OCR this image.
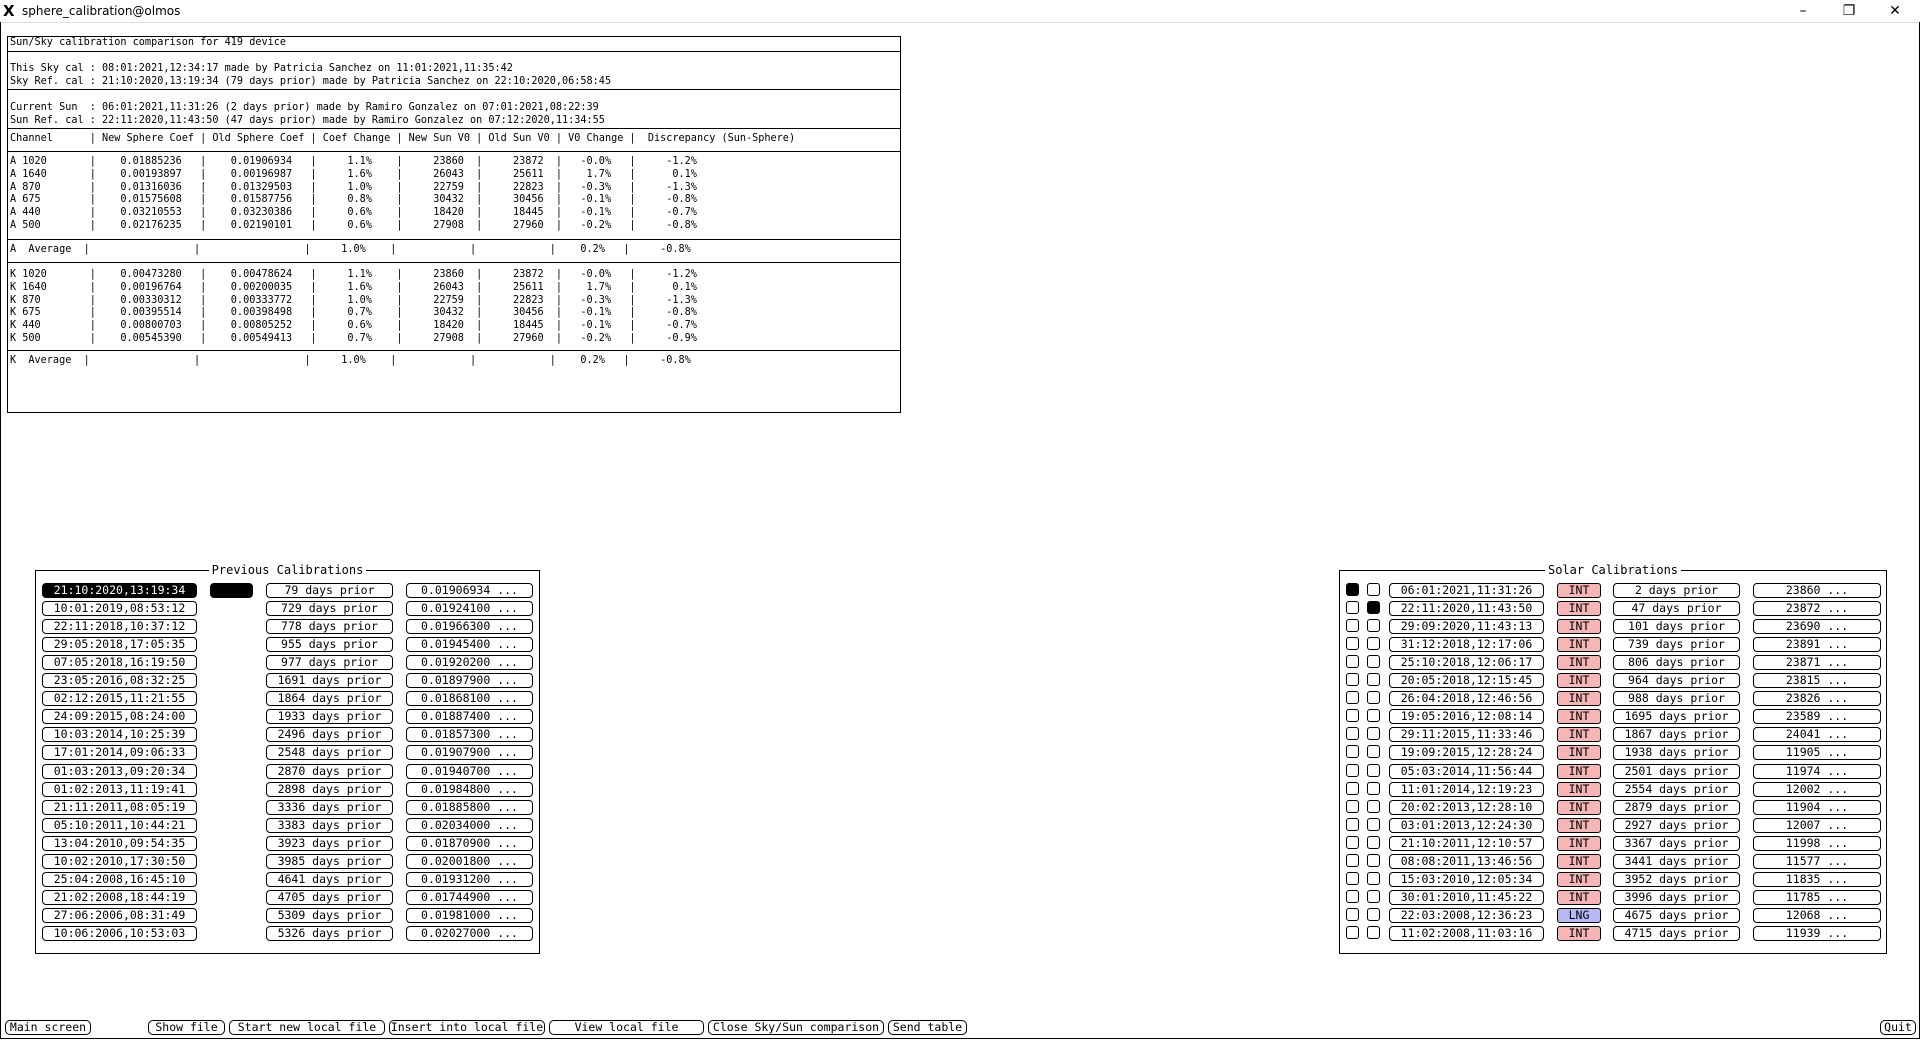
X sphere_calibration@olmos	–	❐	✕
Sun/Sky calibration comparison for 419 device
This Sky cal : 08:01:2021,12:34:17 made by Patricia Sanchez on 11:01:2021,11:35:42
Sky Ref. cal : 21:10:2020,13:19:34 (79 days prior) made by Patricia Sanchez on 22:10:2020,06:58:45
Current Sun  : 06:01:2021,11:31:26 (2 days prior) made by Ramiro Gonzalez on 07:01:2021,08:22:39
Sun Ref. cal : 22:11:2020,11:43:50 (47 days prior) made by Ramiro Gonzalez on 07:12:2020,11:34:55
Channel      | New Sphere Coef | Old Sphere Coef | Coef Change | New Sun V0 | Old Sun V0 | V0 Change |  Discrepancy (Sun-Sphere)
A 1020       |    0.01885236   |    0.01906934   |     1.1%    |     23860  |     23872  |   -0.0%   |     -1.2%
A 1640       |    0.00193897   |    0.00196987   |     1.6%    |     26043  |     25611  |    1.7%   |      0.1%
A 870        |    0.01316036   |    0.01329503   |     1.0%    |     22759  |     22823  |   -0.3%   |     -1.3%
A 675        |    0.01575608   |    0.01587756   |     0.8%    |     30432  |     30456  |   -0.1%   |     -0.8%
A 440        |    0.03210553   |    0.03230386   |     0.6%    |     18420  |     18445  |   -0.1%   |     -0.7%
A 500        |    0.02176235   |    0.02190101   |     0.6%    |     27908  |     27960  |   -0.2%   |     -0.8%
A  Average  |                 |                 |     1.0%    |            |            |    0.2%   |     -0.8%
K 1020       |    0.00473280   |    0.00478624   |     1.1%    |     23860  |     23872  |   -0.0%   |     -1.2%
K 1640       |    0.00196764   |    0.00200035   |     1.6%    |     26043  |     25611  |    1.7%   |      0.1%
K 870        |    0.00330312   |    0.00333772   |     1.0%    |     22759  |     22823  |   -0.3%   |     -1.3%
K 675        |    0.00395514   |    0.00398498   |     0.7%    |     30432  |     30456  |   -0.1%   |     -0.8%
K 440        |    0.00800703   |    0.00805252   |     0.6%    |     18420  |     18445  |   -0.1%   |     -0.7%
K 500        |    0.00545390   |    0.00549413   |     0.7%    |     27908  |     27960  |   -0.2%   |     -0.9%
K  Average  |                 |                 |     1.0%    |            |            |    0.2%   |     -0.8%
Previous Calibrations
21:10:2020,13:19:34	79 days prior	0.01906934 ...
10:01:2019,08:53:12	729 days prior	0.01924100 ...
22:11:2018,10:37:12	778 days prior	0.01966300 ...
29:05:2018,17:05:35	955 days prior	0.01945400 ...
07:05:2018,16:19:50	977 days prior	0.01920200 ...
23:05:2016,08:32:25	1691 days prior	0.01897900 ...
02:12:2015,11:21:55	1864 days prior	0.01868100 ...
24:09:2015,08:24:00	1933 days prior	0.01887400 ...
10:03:2014,10:25:39	2496 days prior	0.01857300 ...
17:01:2014,09:06:33	2548 days prior	0.01907900 ...
01:03:2013,09:20:34	2870 days prior	0.01940700 ...
01:02:2013,11:19:41	2898 days prior	0.01984800 ...
21:11:2011,08:05:19	3336 days prior	0.01885800 ...
05:10:2011,10:44:21	3383 days prior	0.02034000 ...
13:04:2010,09:54:35	3923 days prior	0.01870900 ...
10:02:2010,17:30:50	3985 days prior	0.02001800 ...
25:04:2008,16:45:10	4641 days prior	0.01931200 ...
21:02:2008,18:44:19	4705 days prior	0.01744900 ...
27:06:2006,08:31:49	5309 days prior	0.01981000 ...
10:06:2006,10:53:03	5326 days prior	0.02027000 ...
Solar Calibrations
06:01:2021,11:31:26	INT	2 days prior	23860 ...
22:11:2020,11:43:50	INT	47 days prior	23872 ...
29:09:2020,11:43:13	INT	101 days prior	23690 ...
31:12:2018,12:17:06	INT	739 days prior	23891 ...
25:10:2018,12:06:17	INT	806 days prior	23871 ...
20:05:2018,12:15:45	INT	964 days prior	23815 ...
26:04:2018,12:46:56	INT	988 days prior	23826 ...
19:05:2016,12:08:14	INT	1695 days prior	23589 ...
29:11:2015,11:33:46	INT	1867 days prior	24041 ...
19:09:2015,12:28:24	INT	1938 days prior	11905 ...
05:03:2014,11:56:44	INT	2501 days prior	11974 ...
11:01:2014,12:19:23	INT	2554 days prior	12002 ...
20:02:2013,12:28:10	INT	2879 days prior	11904 ...
03:01:2013,12:24:30	INT	2927 days prior	12007 ...
21:10:2011,12:10:57	INT	3367 days prior	11998 ...
08:08:2011,13:46:56	INT	3441 days prior	11577 ...
15:03:2010,12:05:34	INT	3952 days prior	11835 ...
30:01:2010,11:45:22	INT	3996 days prior	11785 ...
22:03:2008,12:36:23	LNG	4675 days prior	12068 ...
11:02:2008,11:03:16	INT	4715 days prior	11939 ...
Main screen	Show file	Start new local file	Insert into local file	View local file	Close Sky/Sun comparison	Send table	Quit
